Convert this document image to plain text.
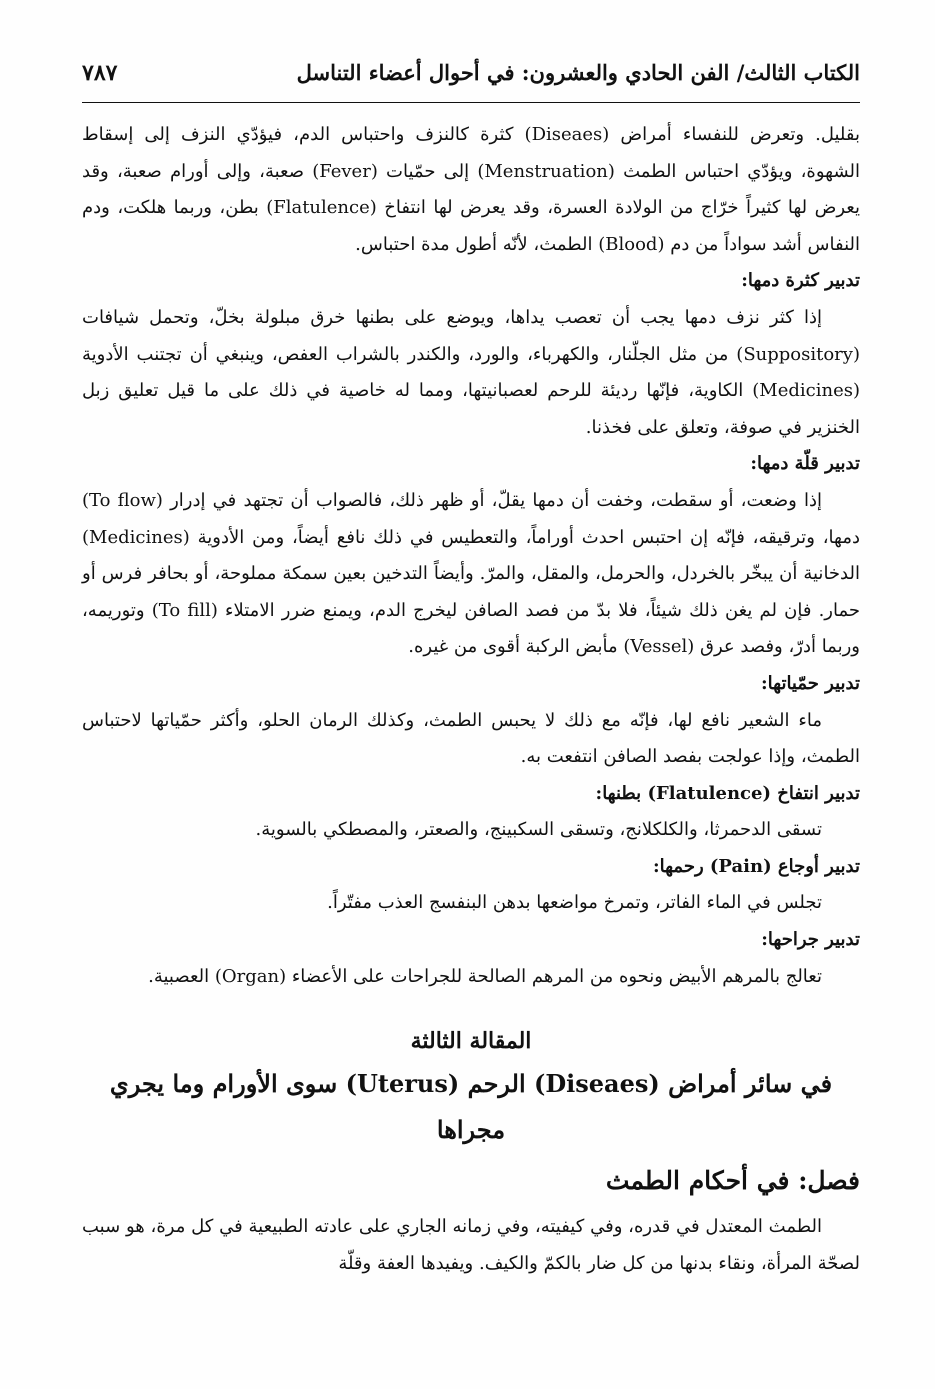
الكتاب الثالث/ الفن الحادي والعشرون: في أحوال أعضاء التناسل
٧٨٧

بقليل. وتعرض للنفساء أمراض (Diseaes) كثرة كالنزف واحتباس الدم، فيؤدّي النزف إلى إسقاط الشهوة، ويؤدّي احتباس الطمث (Menstruation) إلى حمّيات (Fever) صعبة، وإلى أورام صعبة، وقد يعرض لها كثيراً خرّاج من الولادة العسرة، وقد يعرض لها انتفاخ (Flatulence) بطن، وربما هلكت، ودم النفاس أشد سواداً من دم (Blood) الطمث، لأنّه أطول مدة احتباس.

تدبير كثرة دمها:

إذا كثر نزف دمها يجب أن تعصب يداها، ويوضع على بطنها خرق مبلولة بخلّ، وتحمل شيافات (Suppository) من مثل الجلّنار، والكهرباء، والورد، والكندر بالشراب العفص، وينبغي أن تجتنب الأدوية (Medicines) الكاوية، فإنّها رديئة للرحم لعصبانيتها، ومما له خاصية في ذلك على ما قيل تعليق زبل الخنزير في صوفة، وتعلق على فخذنا.

تدبير قلّة دمها:

إذا وضعت، أو سقطت، وخفت أن دمها يقلّ، أو ظهر ذلك، فالصواب أن تجتهد في إدرار (To flow) دمها، وترقيقه، فإنّه إن احتبس احدث أوراماً، والتعطيس في ذلك نافع أيضاً، ومن الأدوية (Medicines) الدخانية أن يبخّر بالخردل، والحرمل، والمقل، والمرّ. وأيضاً التدخين بعين سمكة مملوحة، أو بحافر فرس أو حمار. فإن لم يغن ذلك شيئاً، فلا بدّ من فصد الصافن ليخرج الدم، ويمنع ضرر الامتلاء (To fill) وتوريمه، وربما أدرّ، وفصد عرق (Vessel) مأبض الركبة أقوى من غيره.

تدبير حمّياتها:

ماء الشعير نافع لها، فإنّه مع ذلك لا يحبس الطمث، وكذلك الرمان الحلو، وأكثر حمّياتها لاحتباس الطمث، وإذا عولجت بفصد الصافن انتفعت به.

تدبير انتفاخ (Flatulence) بطنها:

تسقى الدحمرثا، والكلكلانج، وتسقى السكبينج، والصعتر، والمصطكي بالسوية.

تدبير أوجاع (Pain) رحمها:

تجلس في الماء الفاتر، وتمرخ مواضعها بدهن البنفسج العذب مفتّراً.

تدبير جراحها:

تعالج بالمرهم الأبيض ونحوه من المرهم الصالحة للجراحات على الأعضاء (Organ) العصبية.

المقالة الثالثة
في سائر أمراض (Diseaes) الرحم (Uterus) سوى الأورام وما يجري مجراها
فصل: في أحكام الطمث

الطمث المعتدل في قدره، وفي كيفيته، وفي زمانه الجاري على عادته الطبيعية في كل مرة، هو سبب لصحّة المرأة، ونقاء بدنها من كل ضار بالكمّ والكيف. ويفيدها العفة وقلّة
